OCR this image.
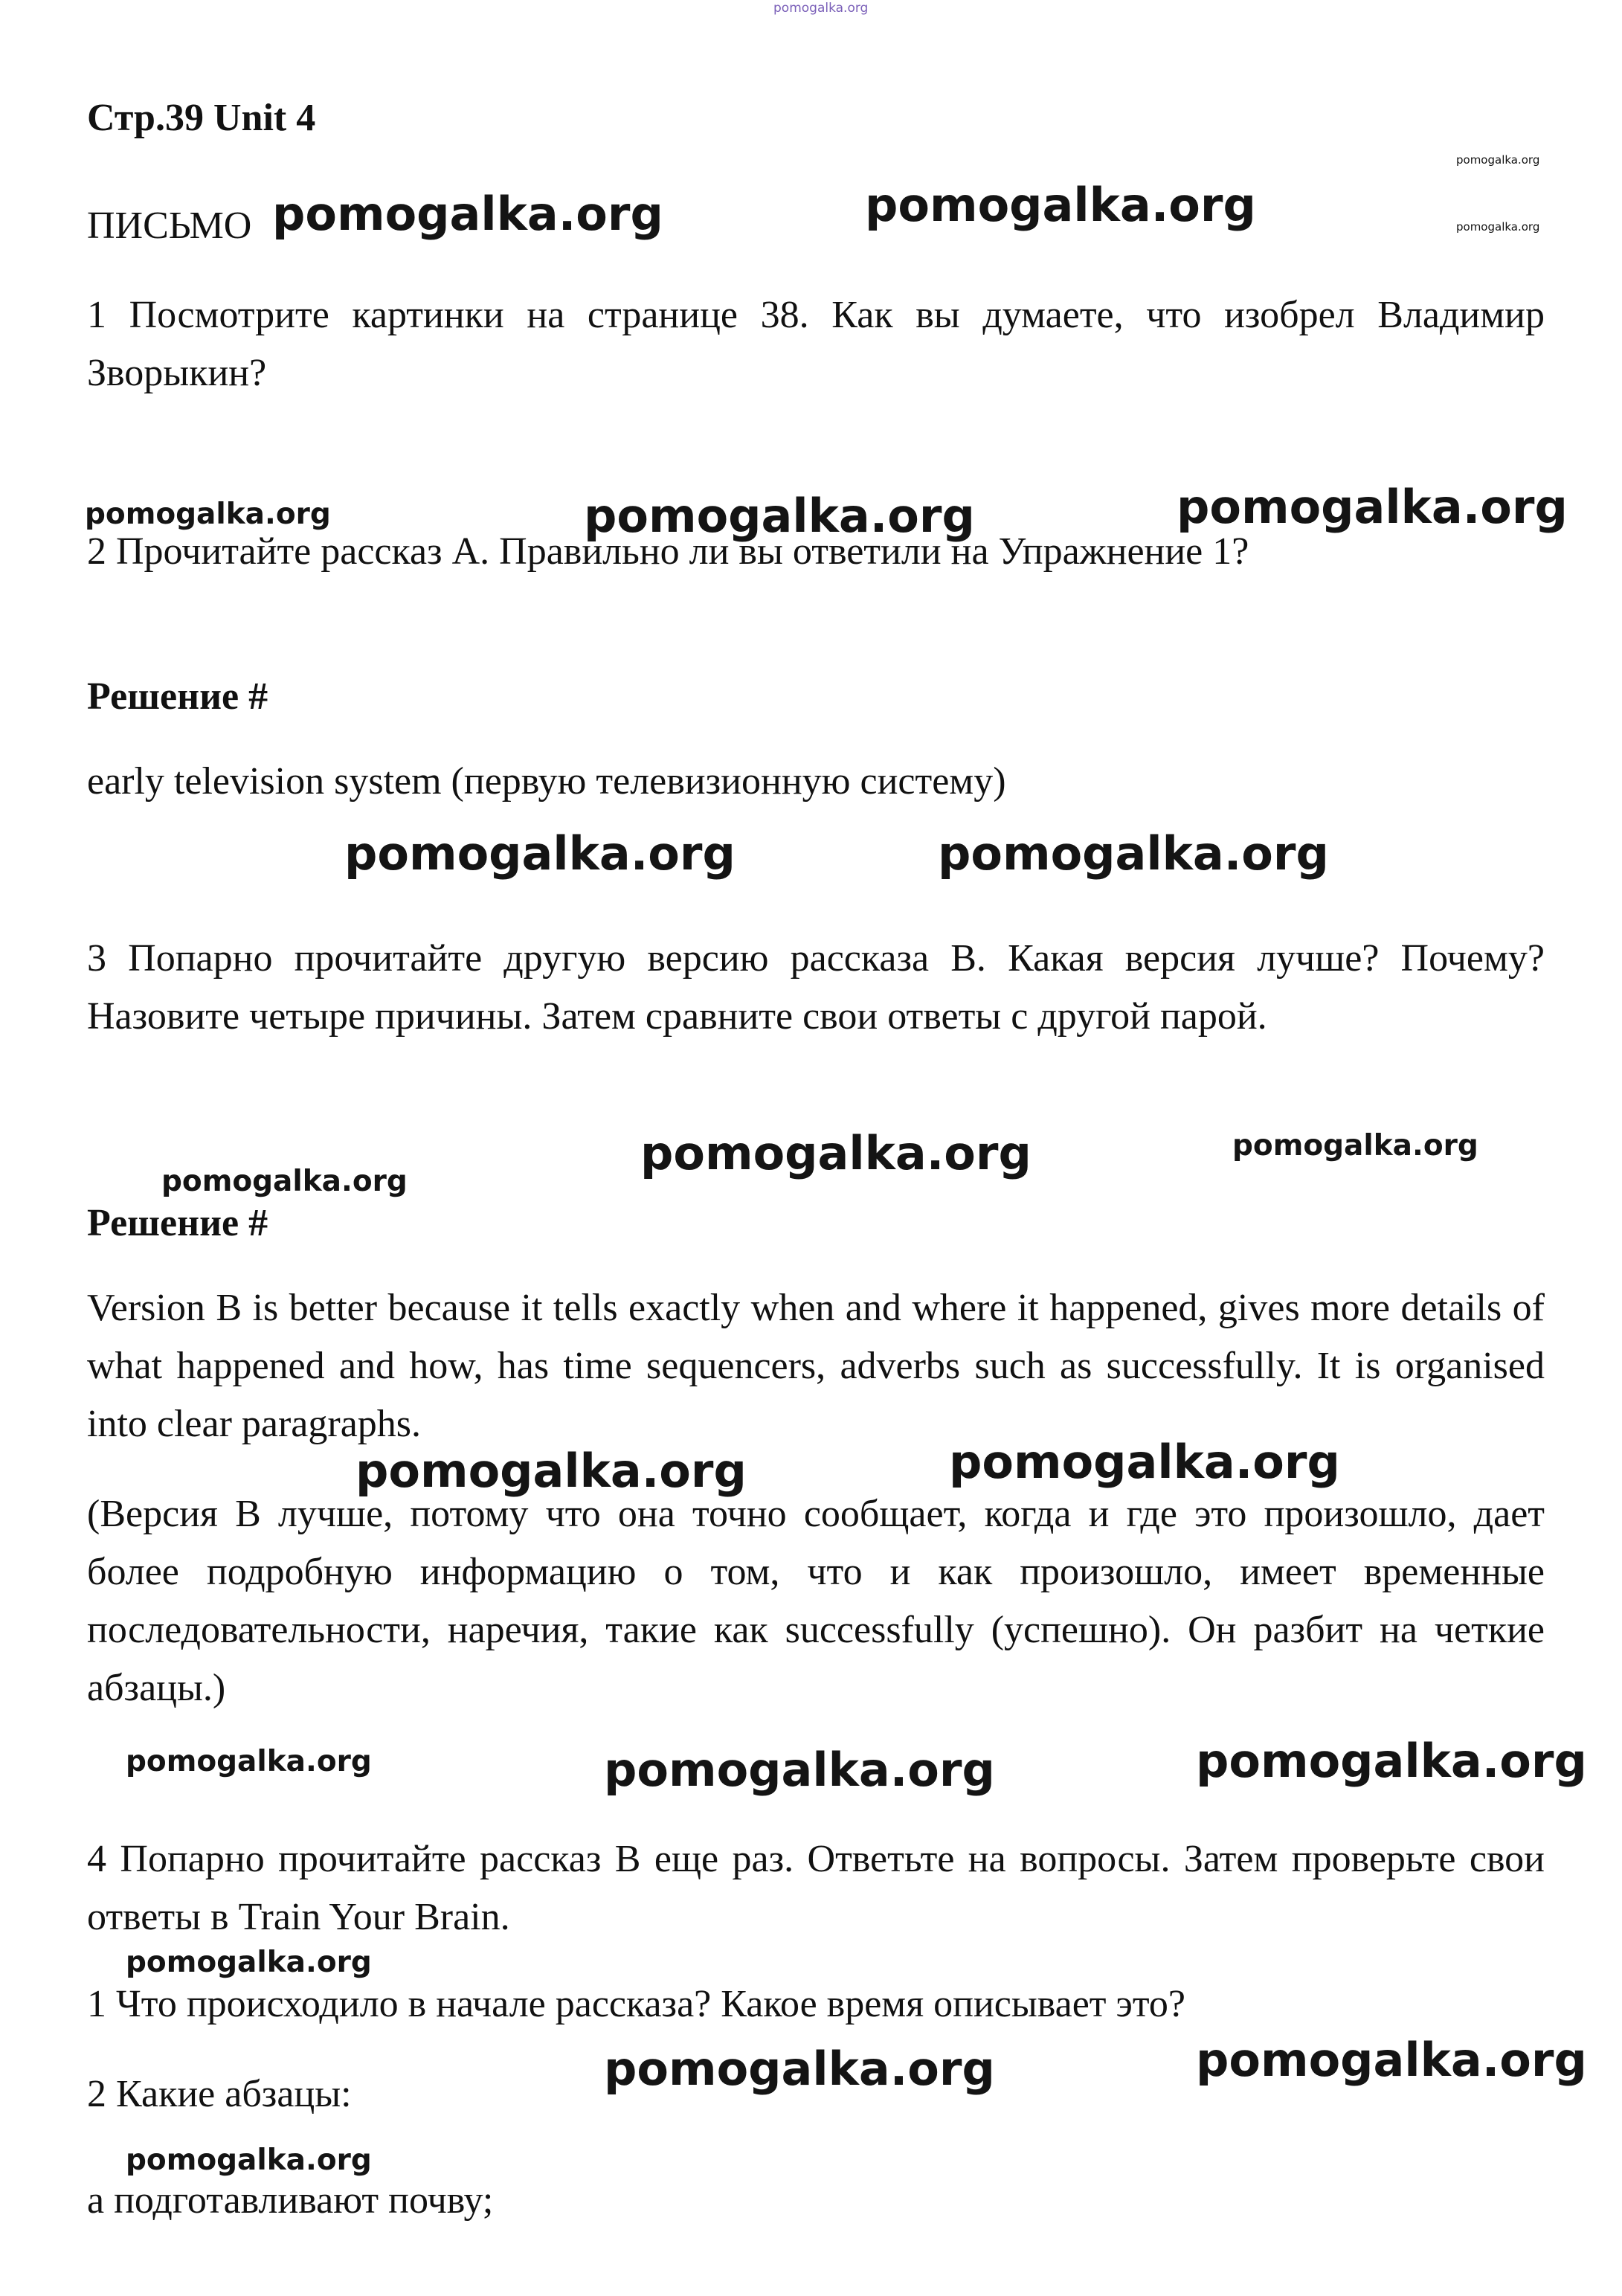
pomogalka.org

pomogalka.org

pomogalka.org

pomogalka.org	pomogalka.org

pomogalka.org	pomogalka.org	pomogalka.org

pomogalka.org	pomogalka.org

pomogalka.org

pomogalka.org

pomogalka.org

pomogalka.org	pomogalka.org

pomogalka.org	pomogalka.org	pomogalka.org

pomogalka.org

pomogalka.org	pomogalka.org

pomogalka.org

Стр.39 Unit 4

ПИСЬМО

1 Посмотрите картинки на странице 38. Как вы думаете, что изобрел Владимир Зворыкин?

2 Прочитайте рассказ А. Правильно ли вы ответили на Упражнение 1?

Решение #

early television system (первую телевизионную систему)

3 Попарно прочитайте другую версию рассказа В. Какая версия лучше? Почему? Назовите четыре причины. Затем сравните свои ответы с другой парой.

Решение #

Version B is better because it tells exactly when and where it happened, gives more details of what happened and how, has time sequencers, adverbs such as successfully. It is organised into clear paragraphs.

(Версия В лучше, потому что она точно сообщает, когда и где это произошло, дает более подробную информацию о том, что и как произошло, имеет временные последовательности, наречия, такие как successfully (успешно). Он разбит на четкие абзацы.)

4 Попарно прочитайте рассказ В еще раз. Ответьте на вопросы. Затем проверьте свои ответы в Train Your Brain.

1 Что происходило в начале рассказа? Какое время описывает это?

2 Какие абзацы:

а подготавливают почву;
